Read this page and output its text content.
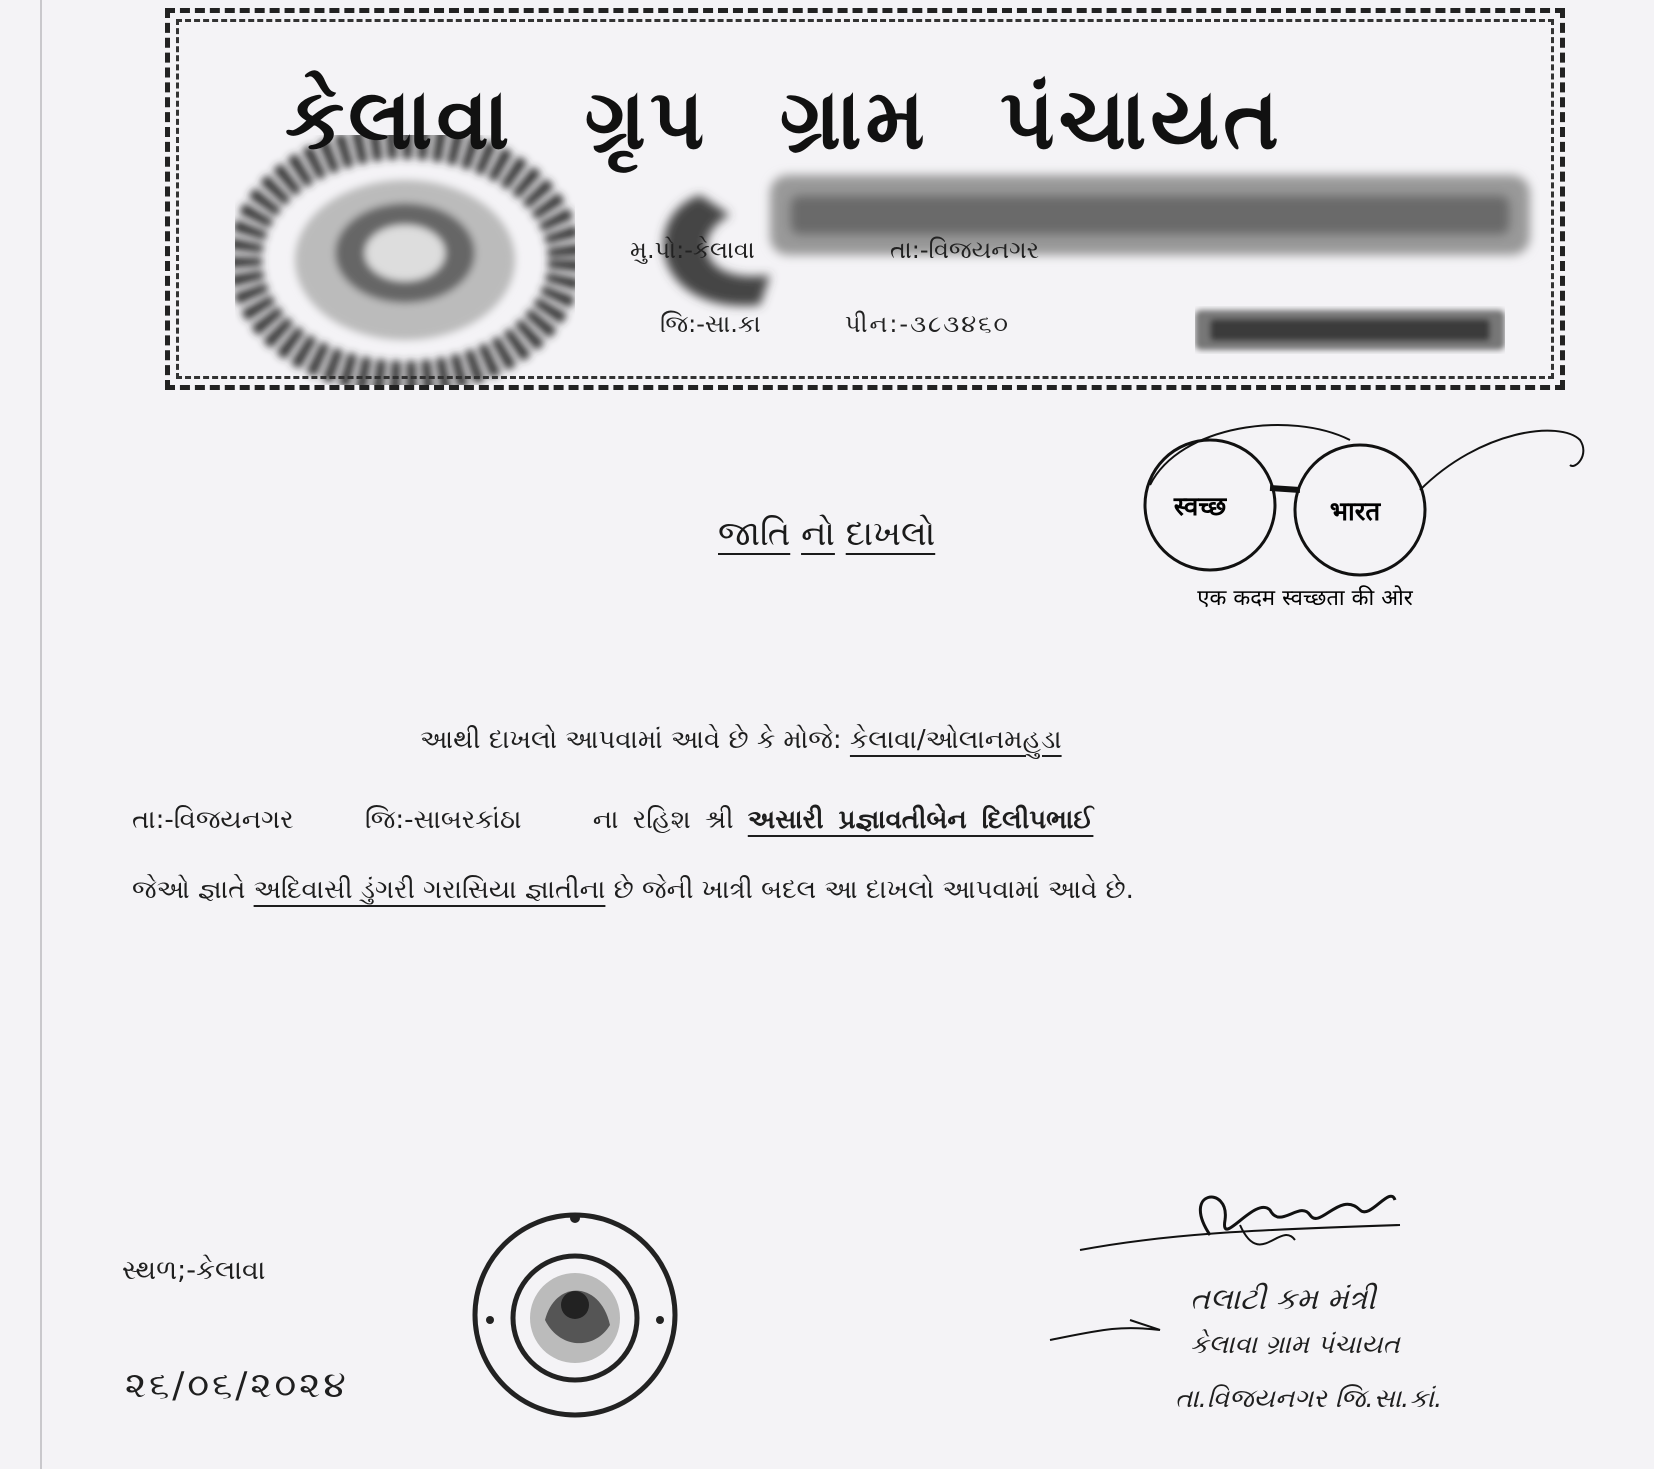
કેલાવા ગ્રૃપ ગ્રામ પંચાયત
મુ.પો:-કેલાવા	તા:-વિજયનગર
જિ:-સા.કા	પીન:-૩૮૩૪૬૦
स्वच्छ	भारत
एक कदम स्वच्छता की ओर
જાતિ નો દાખલો
આથી દાખલો આપવામાં આવે છે કે મોજે: કેલાવા/ઓલાનમહુડા
તા:-વિજયનગર	જિ:-સાબરકાંઠા	ના રહિશ શ્રી અસારી પ્રજ્ઞાવતીબેન દિલીપભાઈ
જેઓ જ્ઞાતે અદિવાસી ડુંગરી ગરાસિયા જ્ઞાતીના છે જેની ખાત્રી બદલ આ દાખલો આપવામાં આવે છે.
સ્થળ;-કેલાવા
૨૬/૦૬/૨૦૨૪
તલાટી કમ મંત્રી
કેલાવા ગ્રામ પંચાયત
તા.વિજયનગર જિ.સા.કાં.
